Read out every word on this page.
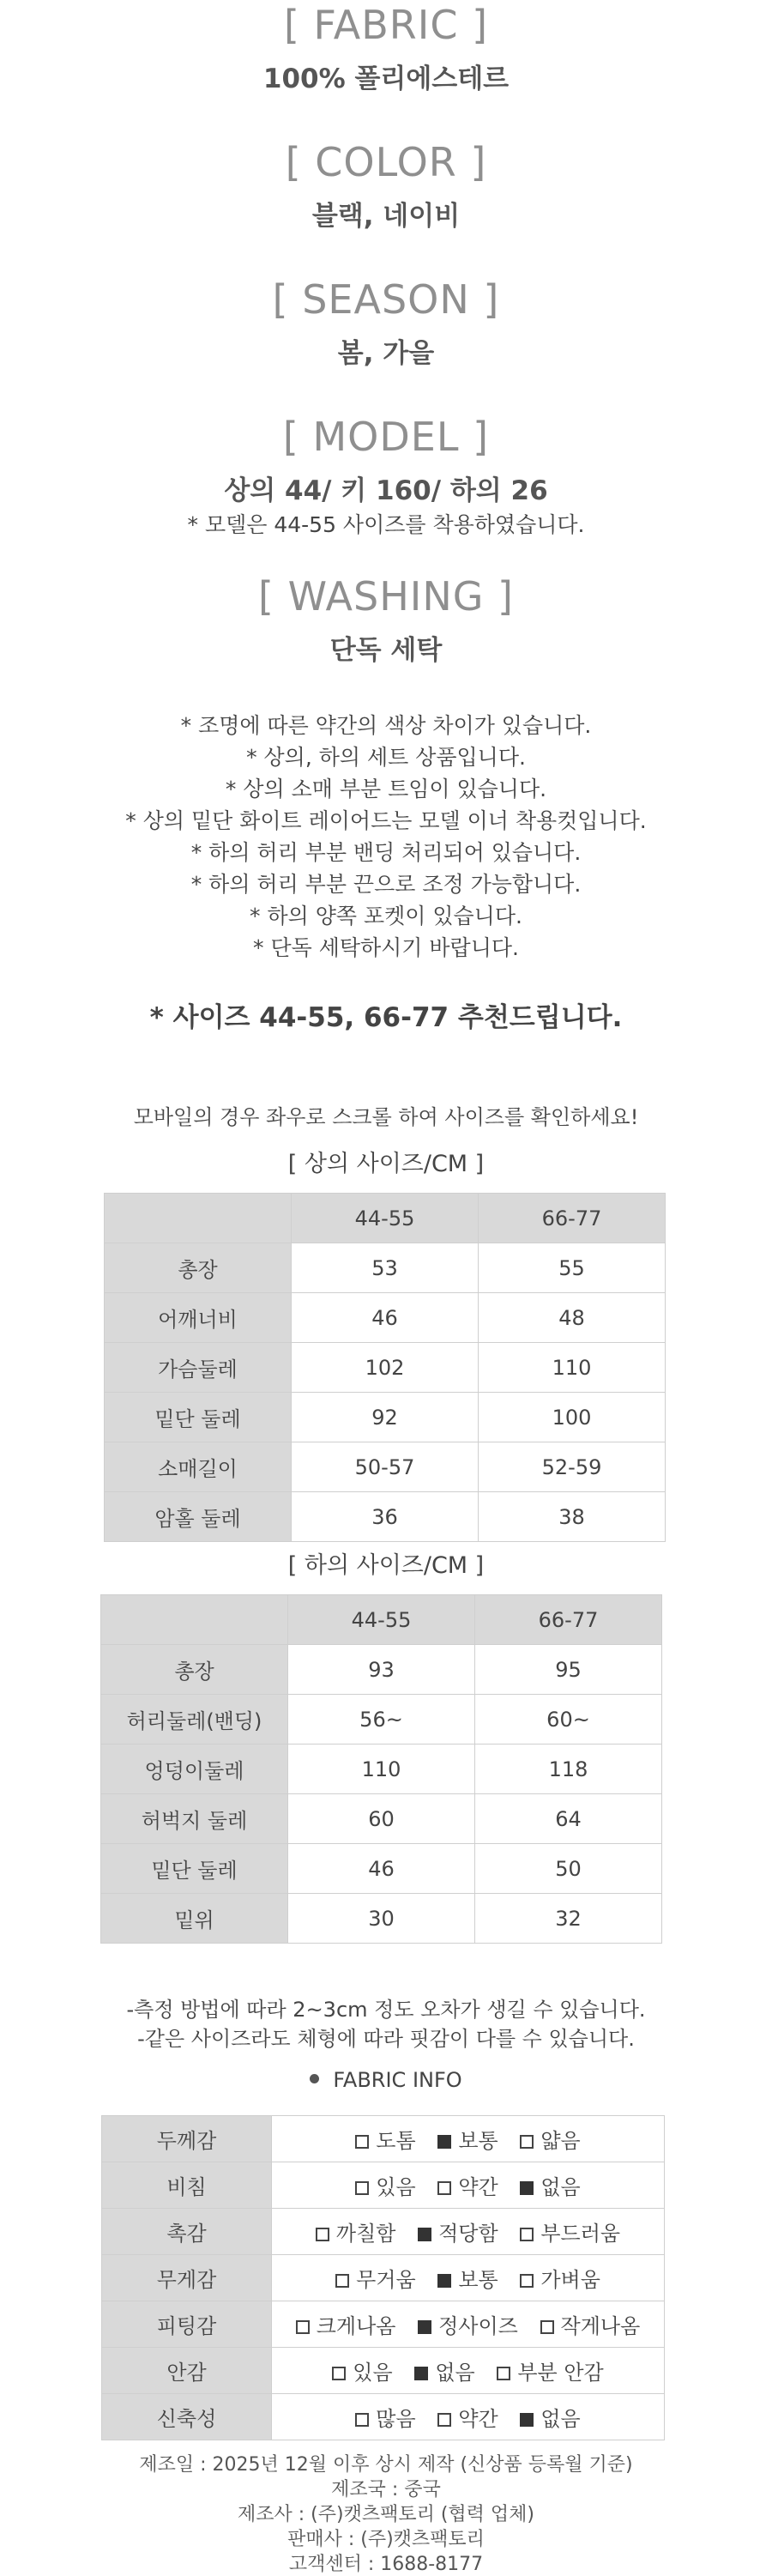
[ FABRIC ]
100% 폴리에스테르
[ COLOR ]
블랙, 네이비
[ SEASON ]
봄, 가을
[ MODEL ]
상의 44/ 키 160/ 하의 26
* 모델은 44-55 사이즈를 착용하였습니다.
[ WASHING ]
단독 세탁
* 조명에 따른 약간의 색상 차이가 있습니다.
* 상의, 하의 세트 상품입니다.
* 상의 소매 부분 트임이 있습니다.
* 상의 밑단 화이트 레이어드는 모델 이너 착용컷입니다.
* 하의 허리 부분 밴딩 처리되어 있습니다.
* 하의 허리 부분 끈으로 조정 가능합니다.
* 하의 양쪽 포켓이 있습니다.
* 단독 세탁하시기 바랍니다.
* 사이즈 44-55, 66-77 추천드립니다.
모바일의 경우 좌우로 스크롤 하여 사이즈를 확인하세요!
[ 상의 사이즈/CM ]
	44-55	66-77
총장	53	55
어깨너비	46	48
가슴둘레	102	110
밑단 둘레	92	100
소매길이	50-57	52-59
암홀 둘레	36	38
[ 하의 사이즈/CM ]
	44-55	66-77
총장	93	95
허리둘레(밴딩)	56~	60~
엉덩이둘레	110	118
허벅지 둘레	60	64
밑단 둘레	46	50
밑위	30	32
-측정 방법에 따라 2~3cm 정도 오차가 생길 수 있습니다.
-같은 사이즈라도 체형에 따라 핏감이 다를 수 있습니다.
FABRIC INFO
두께감	도톰 보통 얇음
비침	있음 약간 없음
촉감	까칠함 적당함 부드러움
무게감	무거움 보통 가벼움
피팅감	크게나옴 정사이즈 작게나옴
안감	있음 없음 부분 안감
신축성	많음 약간 없음
제조일 : 2025년 12월 이후 상시 제작 (신상품 등록월 기준)
제조국 : 중국
제조사 : (주)캣츠팩토리 (협력 업체)
판매사 : (주)캣츠팩토리
고객센터 : 1688-8177
